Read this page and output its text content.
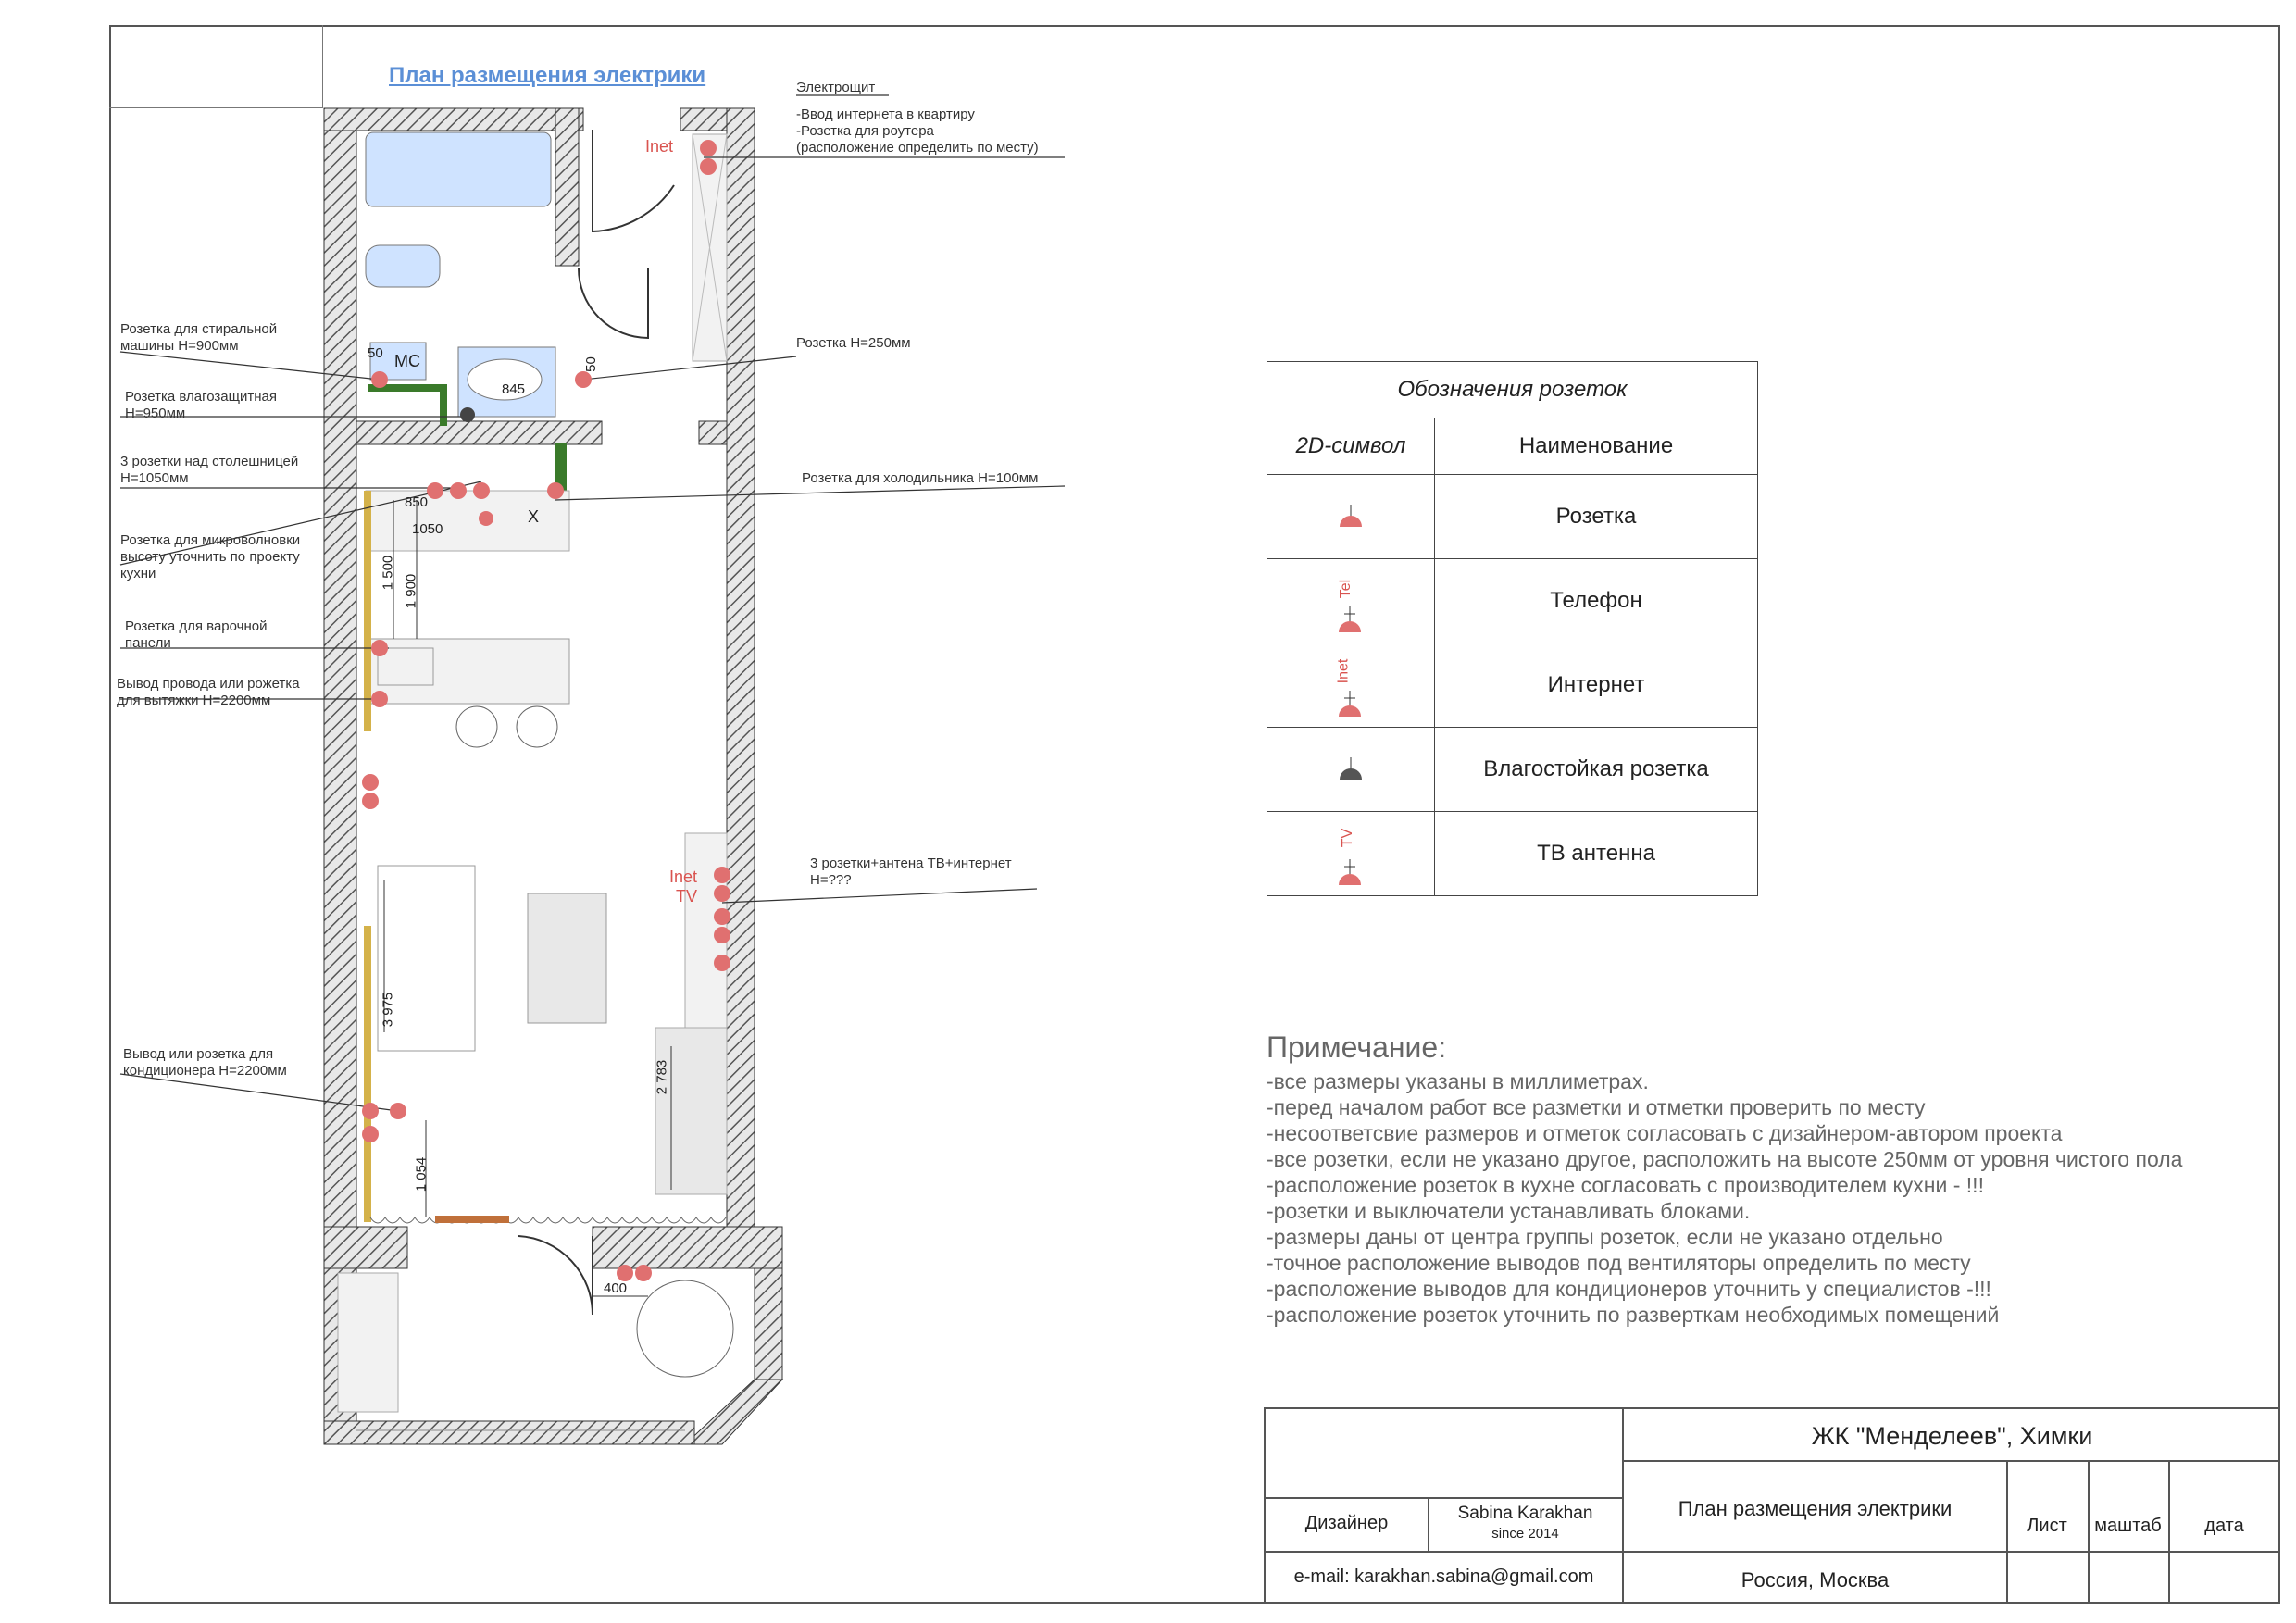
План размещения электрики	Электрощит
-Ввод интернета в квартиру
-Розетка для роутера
(расположение определить по месту)
Inet
Розетка для стиральной
машины Н=900мм
Розетка влагозащитная
Н=950мм
3 розетки над столешницей
Н=1050мм
Розетка для микроволновки
высоту уточнить по проекту
кухни
Розетка для варочной
панели
Вывод провода или рожетка
для вытяжки Н=2200мм
Вывод или розетка для
кондиционера Н=2200мм
Розетка Н=250мм
Розетка для холодильника Н=100мм
3 розетки+антена ТВ+интернет
Н=???
МС
Х
Inet
TV
50
845
50
850
1050
1 500
1 900
3 975
2 783
1 054
400
Обозначения розеток	
2D-символ	Наименование
	Розетка

Tel	Телефон

Inet	Интернет
	Влагостойкая розетка

TV	ТВ антенна
Примечание:
-все размеры указаны в миллиметрах.
-перед началом работ все разметки и отметки проверить по месту
-несоответсвие размеров и отметок согласовать с дизайнером-автором проекта
-все розетки, если не указано другое, расположить на высоте 250мм от уровня чистого пола
-расположение розеток в кухне согласовать с производителем кухни - !!!
-розетки и выключатели устанавливать блоками.
-размеры даны от центра группы розеток, если не указано отдельно
-точное расположение выводов под вентиляторы определить по месту
-расположение выводов для кондиционеров уточнить у специалистов -!!!
-расположение розеток уточнить по разверткам необходимых помещений
ЖК "Менделеев", Химки
План размещения электрики
Дизайнер	Sabina Karakhan
since 2014
e-mail: karakhan.sabina@gmail.com	Россия, Москва
Лист	маштаб	дата
